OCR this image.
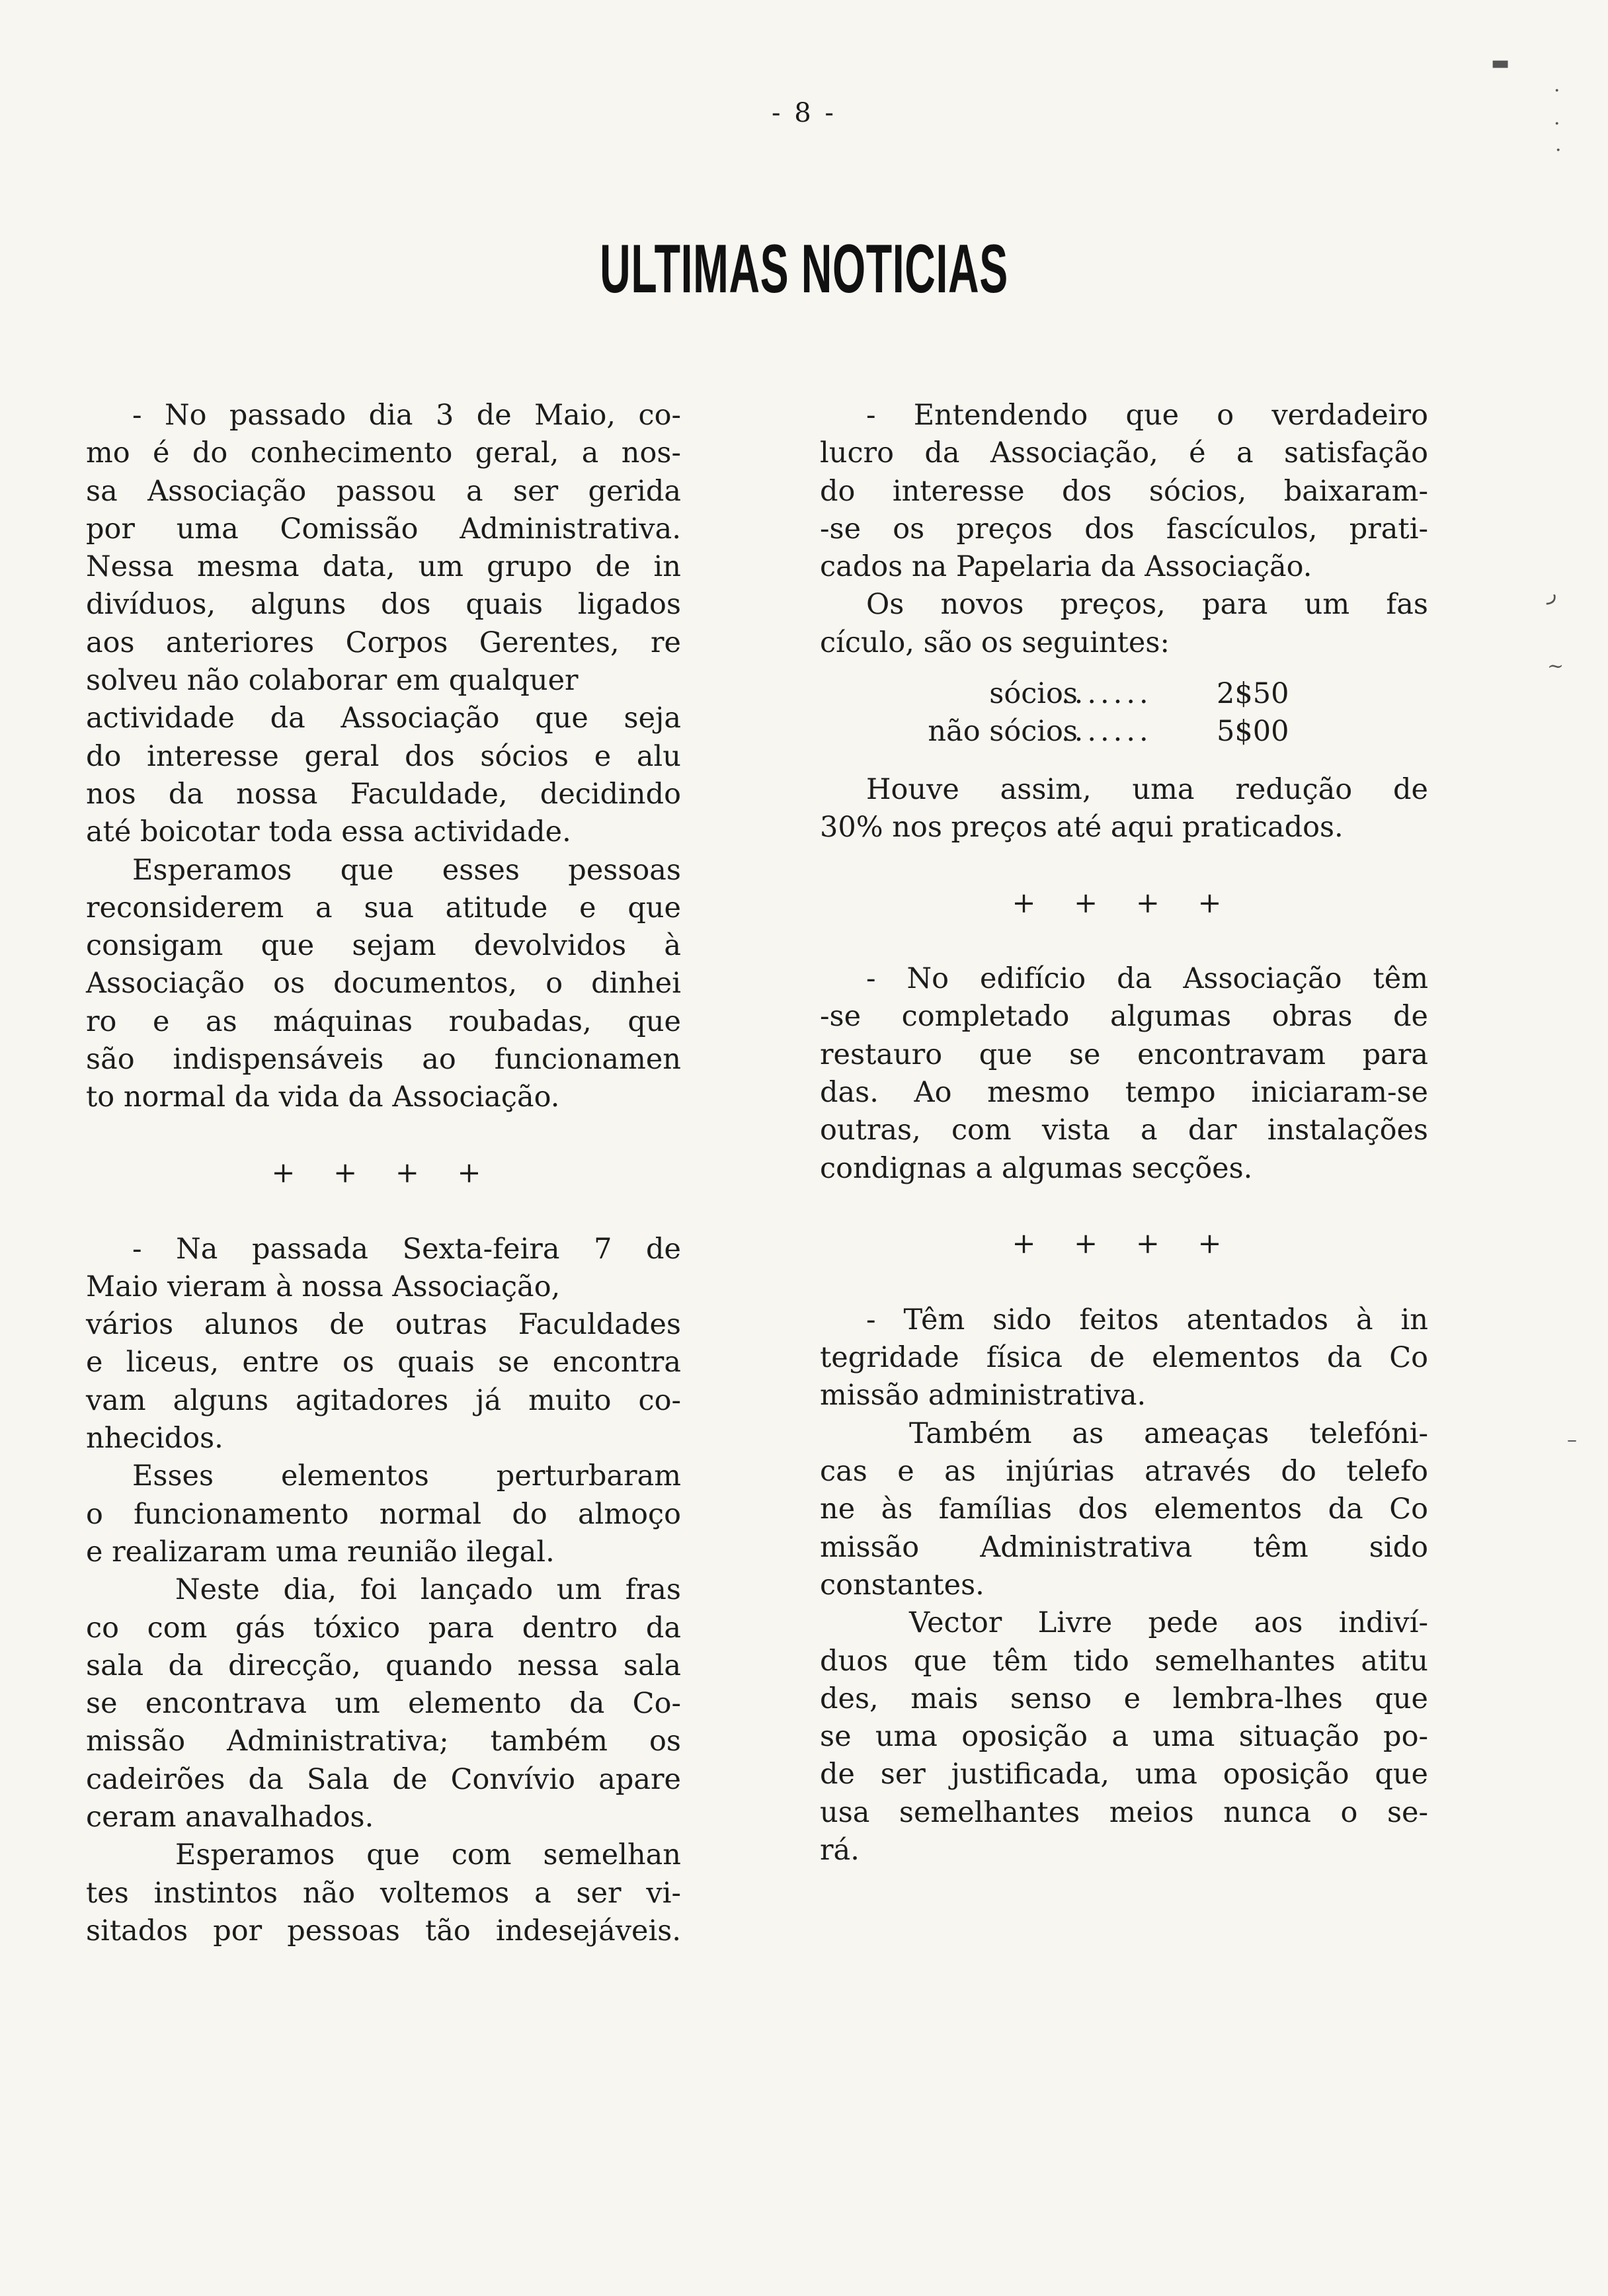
- 8 -
ULTIMAS NOTICIAS
- No passado dia 3 de Maio, co-
mo é do conhecimento geral, a nos-
sa Associação passou a ser gerida
por uma Comissão Administrativa.
Nessa mesma data, um grupo de in
divíduos, alguns dos quais ligados
aos anteriores Corpos Gerentes, re
solveu não colaborar em qualquer
actividade da Associação que seja
do interesse geral dos sócios e alu
nos da nossa Faculdade, decidindo
até boicotar toda essa actividade.
Esperamos que esses pessoas
reconsiderem a sua atitude e que
consigam que sejam devolvidos à
Associação os documentos, o dinhei
ro e as máquinas roubadas, que
são indispensáveis ao funcionamen
to normal da vida da Associação.
+ + + +
- Na passada Sexta-feira 7 de
Maio vieram à nossa Associação,
vários alunos de outras Faculdades
e liceus, entre os quais se encontra
vam alguns agitadores já muito co-
nhecidos.
Esses elementos perturbaram
o funcionamento normal do almoço
e realizaram uma reunião ilegal.
Neste dia, foi lançado um fras
co com gás tóxico para dentro da
sala da direcção, quando nessa sala
se encontrava um elemento da Co-
missão Administrativa; também os
cadeirões da Sala de Convívio apare
ceram anavalhados.
Esperamos que com semelhan
tes instintos não voltemos a ser vi-
sitados por pessoas tão indesejáveis.
- Entendendo que o verdadeiro
lucro da Associação, é a satisfação
do interesse dos sócios, baixaram-
-se os preços dos fascículos, prati-
cados na Papelaria da Associação.
Os novos preços, para um fas
cículo, são os seguintes:
sócios
....... 2$50
não sócios
....... 5$00
Houve assim, uma redução de
30% nos preços até aqui praticados.
+ + + +
- No edifício da Associação têm
-se completado algumas obras de
restauro que se encontravam para
das. Ao mesmo tempo iniciaram-se
outras, com vista a dar instalações
condignas a algumas secções.
+ + + +
- Têm sido feitos atentados à in
tegridade física de elementos da Co
missão administrativa.
Também as ameaças telefóni-
cas e as injúrias através do telefo
ne às famílias dos elementos da Co
missão Administrativa têm sido
constantes.
Vector Livre pede aos indiví-
duos que têm tido semelhantes atitu
des, mais senso e lembra-lhes que
se uma oposição a uma situação po-
de ser justificada, uma oposição que
usa semelhantes meios nunca o se-
rá.
▬
·
·
·
ر
~
–
